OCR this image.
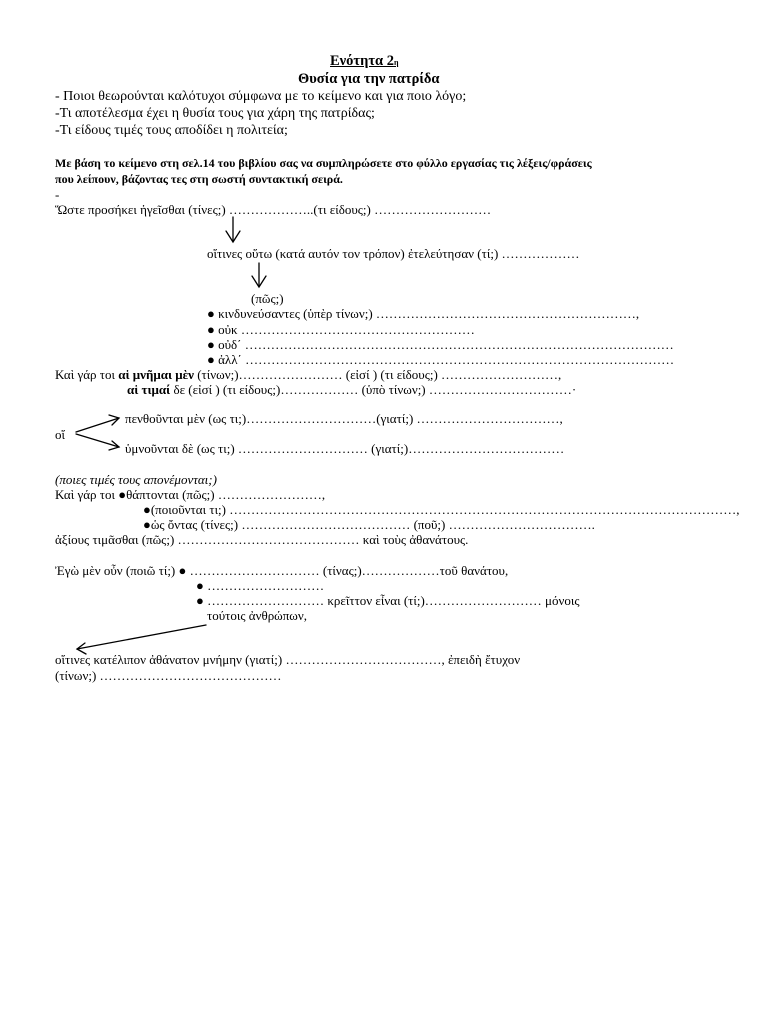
Ενότητα 2η
Θυσία για την πατρίδα
- Ποιοι θεωρούνται καλότυχοι σύμφωνα με το κείμενο και για ποιο λόγο;
-Τι αποτέλεσμα έχει η θυσία τους για χάρη της πατρίδας;
-Τι είδους τιμές τους αποδίδει η πολιτεία;
Με βάση το κείμενο στη σελ.14 του βιβλίου σας να συμπληρώσετε στο φύλλο εργασίας τις λέξεις/φράσεις
που λείπουν, βάζοντας τες στη σωστή συντακτική σειρά.
-
Ὥστε προσήκει ἡγεῖσθαι (τίνες;) ………………..(τι είδους;) ………………………
οἵτινες οὕτω (κατά αυτόν τον τρόπον) ἐτελεύτησαν (τί;) ………………
(πῶς;)
● κινδυνεύσαντες (ὑπὲρ τίνων;) ……………………………………………………,
● οὐκ ………………………………………………
● οὐδ΄ ………………………………………………………………………………………
● ἀλλ΄ ………………………………………………………………………………………
Καὶ γάρ τοι αἱ μνῆμαι μὲν (τίνων;)…………………… (εἰσί ) (τι είδους;) ………………………,
αἱ τιμαί δε (εἰσί ) (τι είδους;)……………… (ὑπὸ τίνων;) ……………………………·
πενθοῦνται μὲν (ως τι;)…………………………(γιατί;) ……………………………,
οἵ
ὑμνοῦνται δὲ (ως τι;) ………………………… (γιατί;)………………………………
(ποιες τιμές τους απονέμονται;)
Καὶ γάρ τοι ●θάπτονται (πῶς;) ……………………,
●(ποιοῦνται τι;) ………………………………………………………………………………………………………,
●ὡς ὄντας (τίνες;) ………………………………… (ποῦ;) …………………………….
ἀξίους τιμᾶσθαι (πῶς;) …………………………………… καὶ τοὺς ἀθανάτους.
Ἐγὼ μὲν οὖν (ποιῶ τί;) ● ………………………… (τίνας;)………………τοῦ θανάτου,
● ………………………
● ……………………… κρεῖττον εἶναι (τί;)……………………… μόνοις
τούτοις ἀνθρώπων,
οἵτινες κατέλιπον ἀθάνατον μνήμην (γιατί;) ………………………………, ἐπειδὴ ἔτυχον
(τίνων;) ……………………………………
